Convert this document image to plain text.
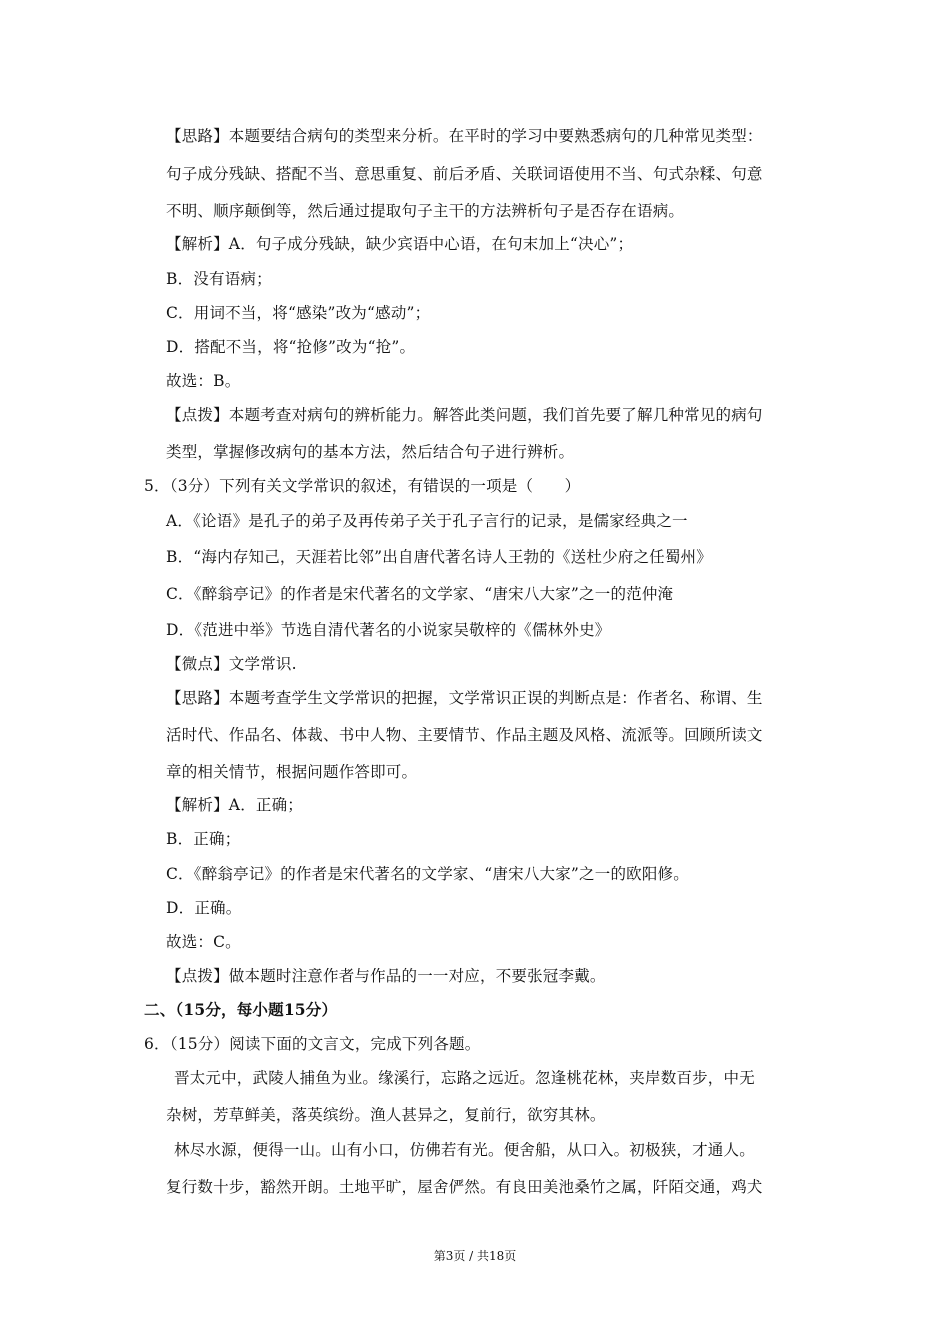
【思路】本题要结合病句的类型来分析。在平时的学习中要熟悉病句的几种常见类型：
句子成分残缺、搭配不当、意思重复、前后矛盾、关联词语使用不当、句式杂糅、句意
不明、顺序颠倒等，然后通过提取句子主干的方法辨析句子是否存在语病。
【解析】A．句子成分残缺，缺少宾语中心语，在句末加上“决心”；
B．没有语病；
C．用词不当，将“感染”改为“感动”；
D．搭配不当，将“抢修”改为“抢”。
故选：B。
【点拨】本题考查对病句的辨析能力。解答此类问题，我们首先要了解几种常见的病句
类型，掌握修改病句的基本方法，然后结合句子进行辨析。
5．（3分）下列有关文学常识的叙述，有错误的一项是（　　）
A．《论语》是孔子的弟子及再传弟子关于孔子言行的记录，是儒家经典之一
B．“海内存知己，天涯若比邻”出自唐代著名诗人王勃的《送杜少府之任蜀州》
C．《醉翁亭记》的作者是宋代著名的文学家、“唐宋八大家”之一的范仲淹
D．《范进中举》节选自清代著名的小说家吴敬梓的《儒林外史》
【微点】文学常识.
【思路】本题考查学生文学常识的把握，文学常识正误的判断点是：作者名、称谓、生
活时代、作品名、体裁、书中人物、主要情节、作品主题及风格、流派等。回顾所读文
章的相关情节，根据问题作答即可。
【解析】A．正确；
B．正确；
C．《醉翁亭记》的作者是宋代著名的文学家、“唐宋八大家”之一的欧阳修。
D．正确。
故选：C。
【点拨】做本题时注意作者与作品的一一对应，不要张冠李戴。
二、（15分，每小题15分）
6．（15分）阅读下面的文言文，完成下列各题。
晋太元中，武陵人捕鱼为业。缘溪行，忘路之远近。忽逢桃花林，夹岸数百步，中无
杂树，芳草鲜美，落英缤纷。渔人甚异之，复前行，欲穷其林。
林尽水源，便得一山。山有小口，仿佛若有光。便舍船，从口入。初极狭，才通人。
复行数十步，豁然开朗。土地平旷，屋舍俨然。有良田美池桑竹之属，阡陌交通，鸡犬
第3页 / 共18页
